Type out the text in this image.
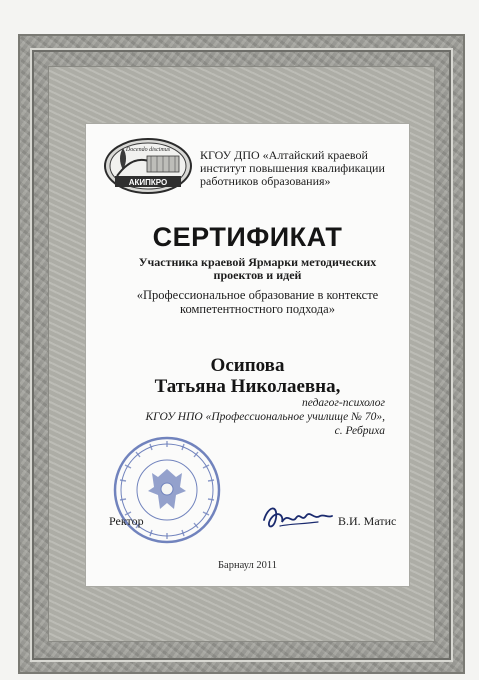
Docendo discimus
АКИПКРО
КГОУ ДПО «Алтайский краевой
институт повышения квалификации
работников образования»
СЕРТИФИКАТ
Участника краевой Ярмарки методических
проектов и идей
«Профессиональное образование в контексте
компетентностного подхода»
Осипова
Татьяна Николаевна,
педагог-психолог
КГОУ НПО «Профессиональное училище № 70»,
с. Ребриха
Ректор	В.И. Матис
Барнаул 2011
